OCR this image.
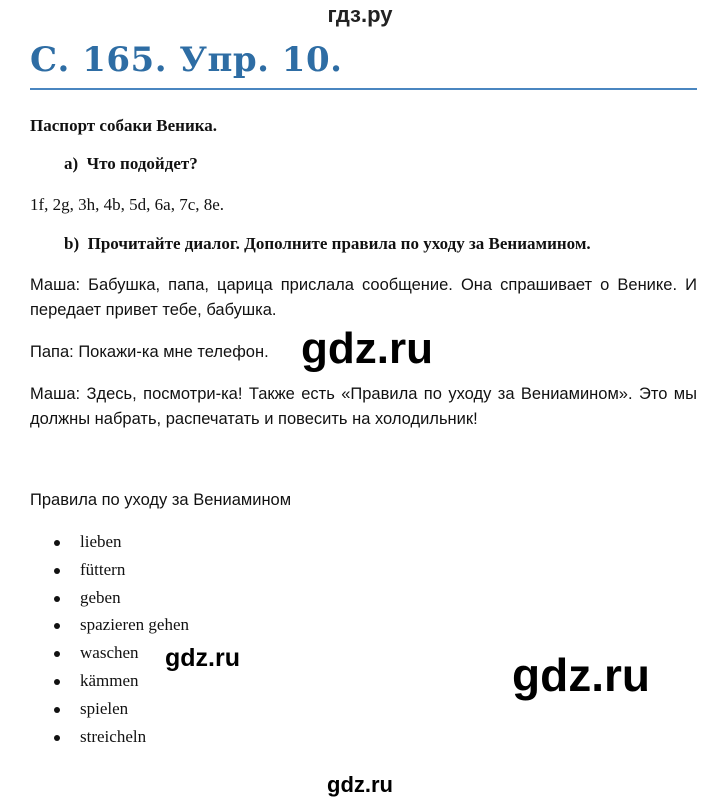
гдз.ру
С. 165. Упр. 10.
Паспорт собаки Веника.
a) Что подойдет?
1f, 2g, 3h, 4b, 5d, 6a, 7c, 8e.
b) Прочитайте диалог. Дополните правила по уходу за Вениамином.
Маша: Бабушка, папа, царица прислала сообщение. Она спрашивает о Венике. И передает привет тебе, бабушка.
Папа: Покажи-ка мне телефон.
Маша: Здесь, посмотри-ка! Также есть «Правила по уходу за Вениамином». Это мы должны набрать, распечатать и повесить на холодильник!
Правила по уходу за Вениамином
lieben
füttern
geben
spazieren gehen
waschen
kämmen
spielen
streicheln
gdz.ru
gdz.ru	gdz.ru
gdz.ru
